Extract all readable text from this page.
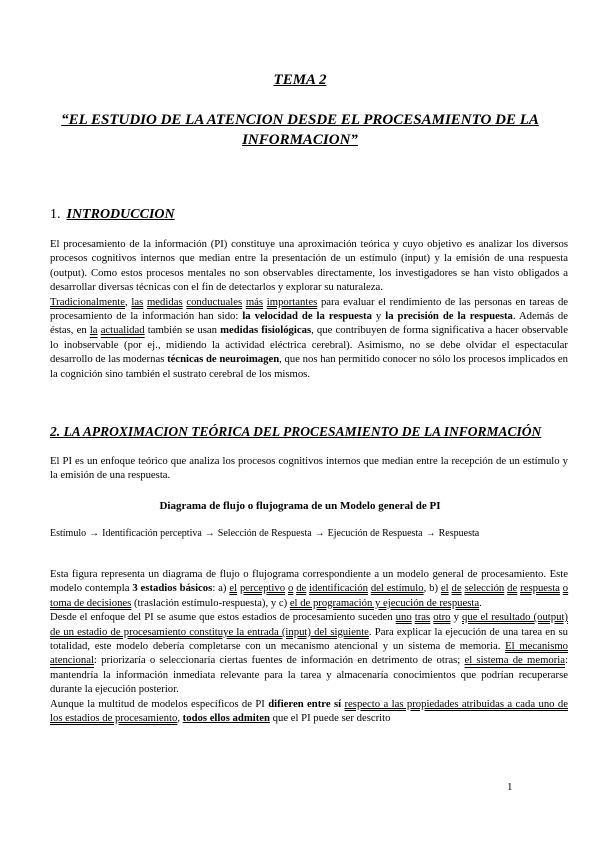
TEMA 2
“EL ESTUDIO DE LA ATENCION DESDE EL PROCESAMIENTO DE LA INFORMACION”
1. INTRODUCCION

El procesamiento de la información (PI) constituye una aproximación teórica y cuyo objetivo es analizar los diversos procesos cognitivos internos que median entre la presentación de un estímulo (input) y la emisión de una respuesta (output). Como estos procesos mentales no son observables directamente, los investigadores se han visto obligados a desarrollar diversas técnicas con el fin de detectarlos y explorar su naturaleza.

Tradicionalmente, las medidas conductuales más importantes para evaluar el rendimiento de las personas en tareas de procesamiento de la información han sido: la velocidad de la respuesta y la precisión de la respuesta. Además de éstas, en la actualidad también se usan medidas fisiológicas, que contribuyen de forma significativa a hacer observable lo inobservable (por ej., midiendo la actividad eléctrica cerebral). Asimismo, no se debe olvidar el espectacular desarrollo de las modernas técnicas de neuroimagen, que nos han permitido conocer no sólo los procesos implicados en la cognición sino también el sustrato cerebral de los mismos.

2. LA APROXIMACION TEÓRICA DEL PROCESAMIENTO DE LA INFORMACIÓN
El PI es un enfoque teórico que analiza los procesos cognitivos internos que median entre la recepción de un estímulo y la emisión de una respuesta.
Diagrama de flujo o flujograma de un Modelo general de PI
Estímulo → Identificación perceptiva → Selección de Respuesta → Ejecución de Respuesta → Respuesta

Esta figura representa un diagrama de flujo o flujograma correspondiente a un modelo general de procesamiento. Este modelo contempla 3 estadios básicos: a) el perceptivo o de identificación del estímulo, b) el de selección de respuesta o toma de decisiones (traslación estímulo-respuesta), y c) el de programación y ejecución de respuesta.

Desde el enfoque del PI se asume que estos estadios de procesamiento suceden uno tras otro y que el resultado (output) de un estadio de procesamiento constituye la entrada (input) del siguiente. Para explicar la ejecución de una tarea en su totalidad, este modelo debería completarse con un mecanismo atencional y un sistema de memoria. El mecanismo atencional: priorizaría o seleccionaría ciertas fuentes de información en detrimento de otras; el sistema de memoria: mantendría la información inmediata relevante para la tarea y almacenaría conocimientos que podrían recuperarse durante la ejecución posterior.

Aunque la multitud de modelos específicos de PI difieren entre sí respecto a las propiedades atribuidas a cada uno de los estadios de procesamiento, todos ellos admiten que el PI puede ser descrito

1
